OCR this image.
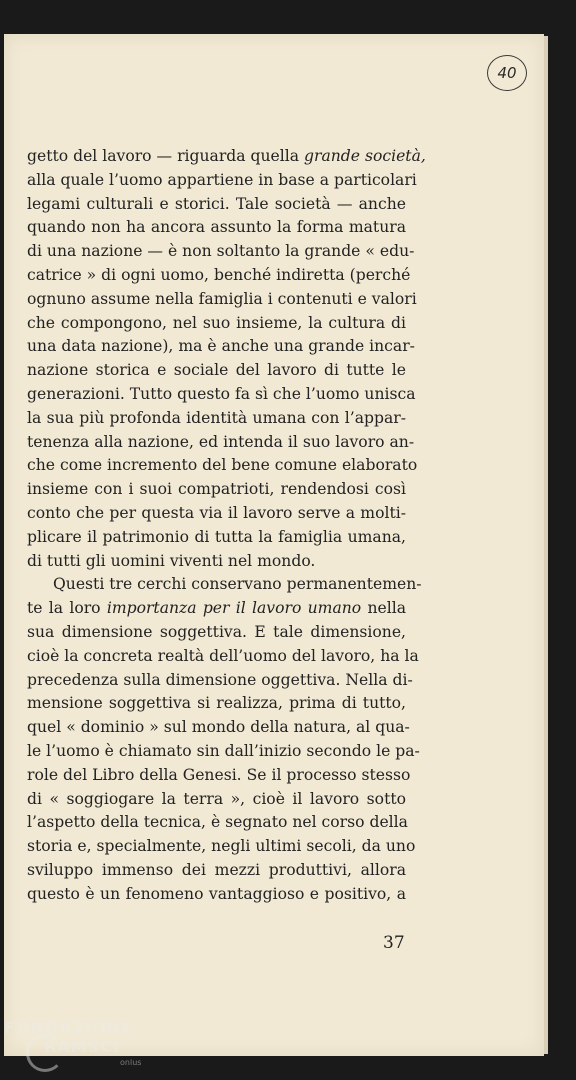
40
getto del lavoro — riguarda quella grande società,
alla quale l’uomo appartiene in base a particolari
legami culturali e storici. Tale società — anche
quando non ha ancora assunto la forma matura
di una nazione — è non soltanto la grande « edu-
catrice » di ogni uomo, benché indiretta (perché
ognuno assume nella famiglia i contenuti e valori
che compongono, nel suo insieme, la cultura di
una data nazione), ma è anche una grande incar-
nazione storica e sociale del lavoro di tutte le
generazioni. Tutto questo fa sì che l’uomo unisca
la sua più profonda identità umana con l’appar-
tenenza alla nazione, ed intenda il suo lavoro an-
che come incremento del bene comune elaborato
insieme con i suoi compatrioti, rendendosi così
conto che per questa via il lavoro serve a molti-
plicare il patrimonio di tutta la famiglia umana,
di tutti gli uomini viventi nel mondo.
Questi tre cerchi conservano permanentemen-
te la loro importanza per il lavoro umano nella
sua dimensione soggettiva. E tale dimensione,
cioè la concreta realtà dell’uomo del lavoro, ha la
precedenza sulla dimensione oggettiva. Nella di-
mensione soggettiva si realizza, prima di tutto,
quel « dominio » sul mondo della natura, al qua-
le l’uomo è chiamato sin dall’inizio secondo le pa-
role del Libro della Genesi. Se il processo stesso
di « soggiogare la terra », cioè il lavoro sotto
l’aspetto della tecnica, è segnato nel corso della
storia e, specialmente, negli ultimi secoli, da uno
sviluppo immenso dei mezzi produttivi, allora
questo è un fenomeno vantaggioso e positivo, a
37
FONDAZIONE
RAMSCI
onlus
